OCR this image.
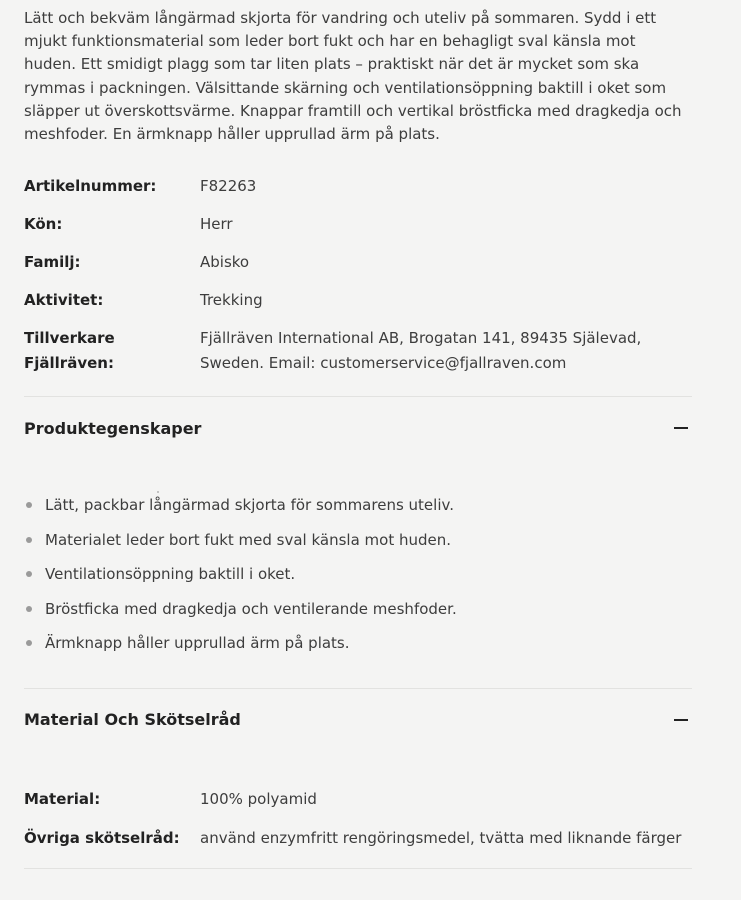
Lätt och bekväm långärmad skjorta för vandring och uteliv på sommaren. Sydd i ett mjukt funktionsmaterial som leder bort fukt och har en behagligt sval känsla mot huden. Ett smidigt plagg som tar liten plats – praktiskt när det är mycket som ska rymmas i packningen. Välsittande skärning och ventilationsöppning baktill i oket som släpper ut överskottsvärme. Knappar framtill och vertikal bröstficka med dragkedja och meshfoder. En ärmknapp håller upprullad ärm på plats.

Artikelnummer:	F82263
Kön:	Herr
Familj:	Abisko
Aktivitet:	Trekking
Tillverkare Fjällräven:
Fjällräven International AB, Brogatan 141, 89435 Själevad, Sweden. Email: customerservice@fjallraven.com
Produktegenskaper
Lätt, packbar långärmad skjorta för sommarens uteliv.
Materialet leder bort fukt med sval känsla mot huden.
Ventilationsöppning baktill i oket.
Bröstficka med dragkedja och ventilerande meshfoder.
Ärmknapp håller upprullad ärm på plats.
Material Och Skötselråd
Material:	100% polyamid
Övriga skötselråd:	använd enzymfritt rengöringsmedel, tvätta med liknande färger
